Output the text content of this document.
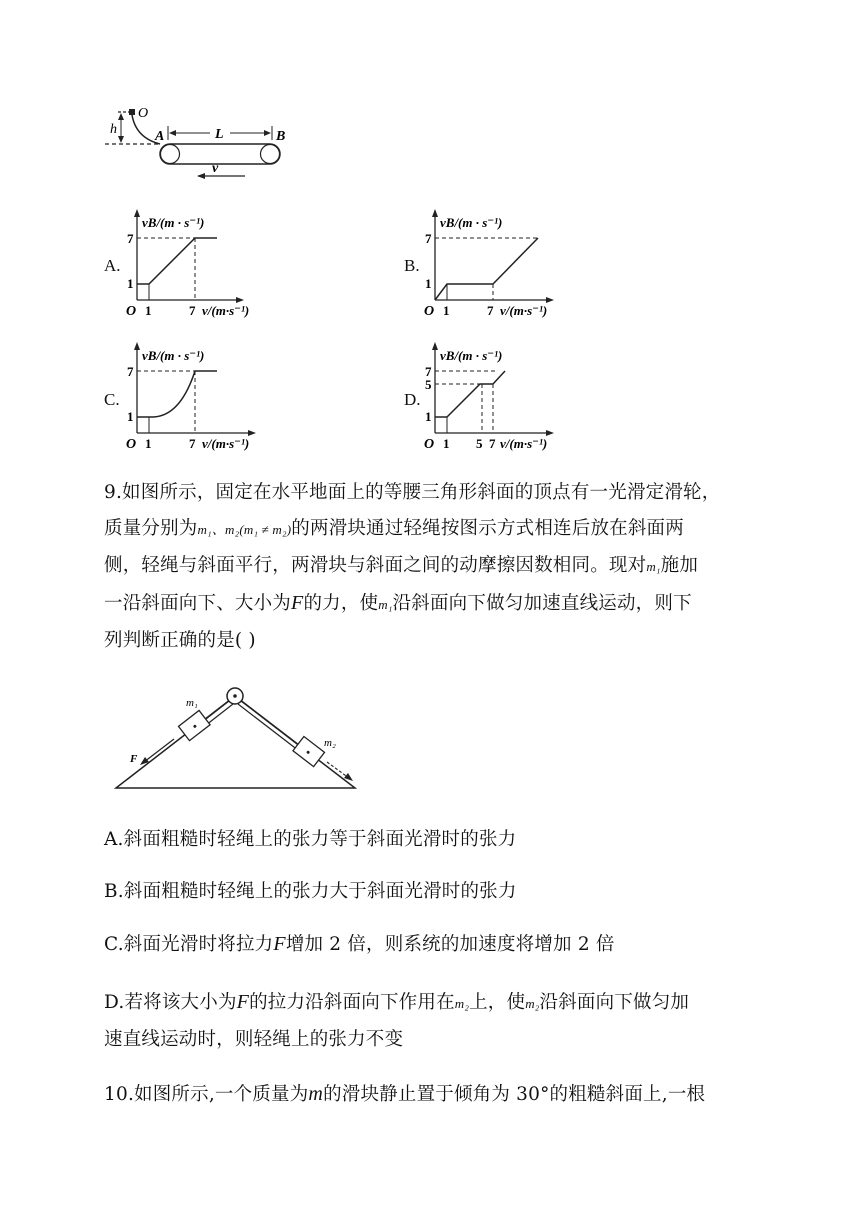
h
O
A	L	B
v
A.
vB/(m · s⁻¹)
O
7
1
1	7 v/(m·s⁻¹)
B.
vB/(m · s⁻¹)
O
7
1
1	7 v/(m·s⁻¹)
C.
vB/(m · s⁻¹)
O
7
1
1	7 v/(m·s⁻¹)
D.
vB/(m · s⁻¹)
O
7
5
1
1 5 7 v/(m·s⁻¹)
9.如图所示，固定在水平地面上的等腰三角形斜面的顶点有一光滑定滑轮，
质量分别为m₁、m₂(m₁ ≠ m₂)的两滑块通过轻绳按图示方式相连后放在斜面两
侧，轻绳与斜面平行，两滑块与斜面之间的动摩擦因数相同。现对m₁施加
一沿斜面向下、大小为F的力，使m₁沿斜面向下做匀加速直线运动，则下
列判断正确的是( )
m₁
m₂
F
A.斜面粗糙时轻绳上的张力等于斜面光滑时的张力
B.斜面粗糙时轻绳上的张力大于斜面光滑时的张力
C.斜面光滑时将拉力F增加 2 倍，则系统的加速度将增加 2 倍
D.若将该大小为F的拉力沿斜面向下作用在m₂上，使m₂沿斜面向下做匀加
速直线运动时，则轻绳上的张力不变
10.如图所示,一个质量为m的滑块静止置于倾角为 30°的粗糙斜面上,一根
